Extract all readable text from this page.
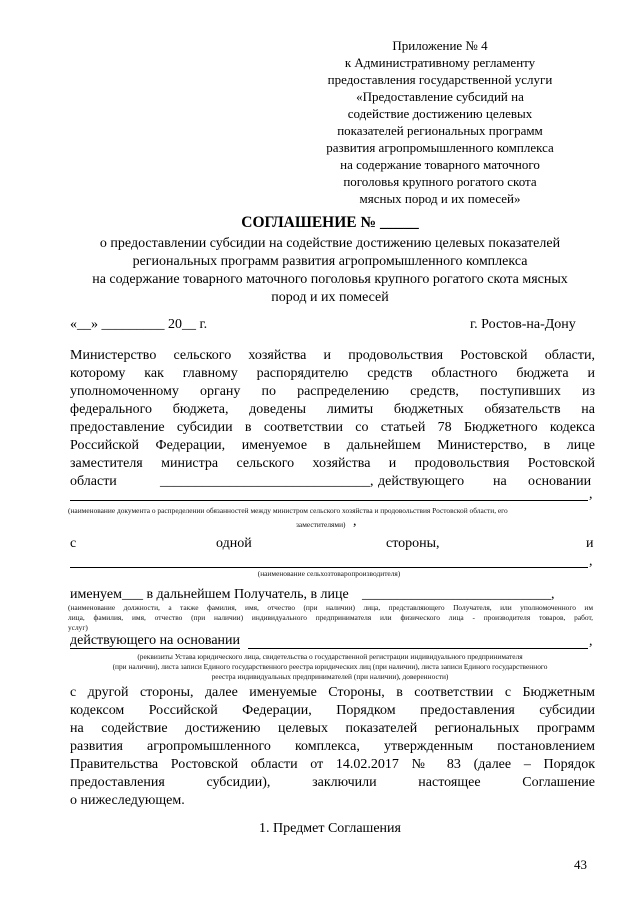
Приложение № 4
к Административному регламенту
предоставления государственной услуги
«Предоставление субсидий на
содействие достижению целевых
показателей региональных программ
развития агропромышленного комплекса
на содержание товарного маточного
поголовья крупного рогатого скота
мясных пород и их помесей»
СОГЛАШЕНИЕ № _____
о предоставлении субсидии на содействие достижению целевых показателей
региональных программ развития агропромышленного комплекса
на содержание товарного маточного поголовья крупного рогатого скота мясных
пород и их помесей
«__» _________ 20__ г.	г. Ростов-на-Дону
Министерство сельского хозяйства и продовольствия Ростовской области,
которому как главному распорядителю средств областного бюджета и
уполномоченному органу по распределению средств, поступивших из
федерального бюджета, доведены лимиты бюджетных обязательств на
предоставление субсидии в соответствии со статьей 78 Бюджетного кодекса
Российской Федерации, именуемое в дальнейшем Министерство, в лице
заместителя министра сельского хозяйства и продовольствия Ростовской
области	______________________________, действующего на основании
,
(наименование документа о распределении обязанностей между министром сельского хозяйства и продовольствия Ростовской области, его
заместителями) ,
с	одной	стороны,	и
,
(наименование сельхозтоваропроизводителя)
именуем___ в дальнейшем Получатель, в лице ___________________________,
(наименование должности, а также фамилия, имя, отчество (при наличии) лица, представляющего Получателя, или уполномоченного им
лица, фамилия, имя, отчество (при наличии) индивидуального предпринимателя или физического лица - производителя товаров, работ,
услуг)
действующего на основании	,
(реквизиты Устава юридического лица, свидетельства о государственной регистрации индивидуального предпринимателя
(при наличии), листа записи Единого государственного реестра юридических лиц (при наличии), листа записи Единого государственного
реестра индивидуальных предпринимателей (при наличии), доверенности)
с другой стороны, далее именуемые Стороны, в соответствии с Бюджетным
кодексом Российской Федерации, Порядком предоставления субсидии
на содействие достижению целевых показателей региональных программ
развития агропромышленного комплекса, утвержденным постановлением
Правительства Ростовской области от 14.02.2017 № 83 (далее – Порядок
предоставления субсидии), заключили настоящее Соглашение
о нижеследующем.
1. Предмет Соглашения
43
